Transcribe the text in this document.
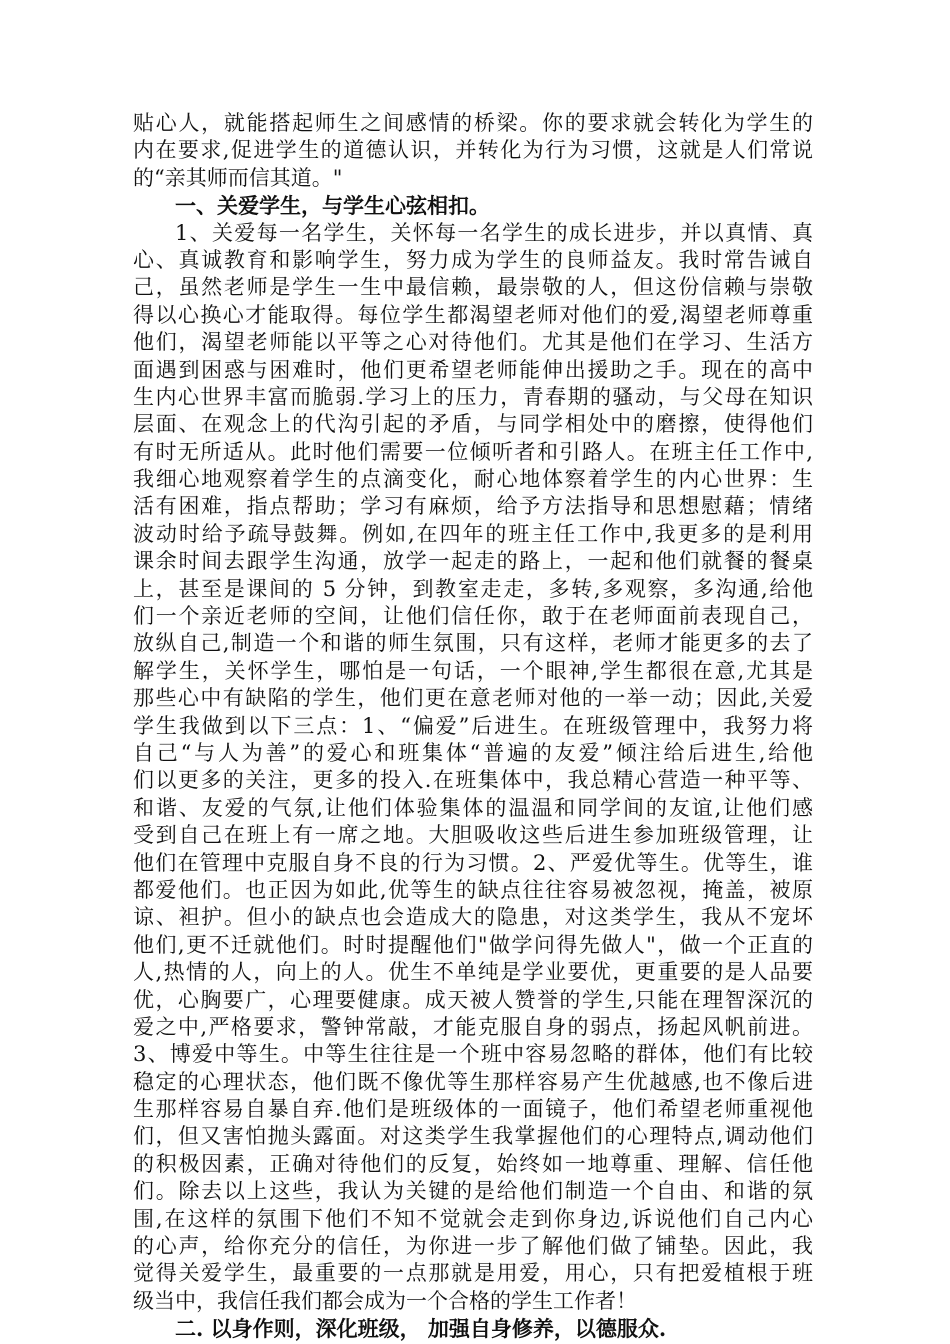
贴心人，就能搭起师生之间感情的桥梁。你的要求就会转化为学生的
内在要求,促进学生的道德认识，并转化为行为习惯，这就是人们常说
的“亲其师而信其道。"
一、关爱学生，与学生心弦相扣。
1、关爱每一名学生，关怀每一名学生的成长进步，并以真情、真
心、真诚教育和影响学生，努力成为学生的良师益友。我时常告诫自
己，虽然老师是学生一生中最信赖，最崇敬的人，但这份信赖与崇敬
得以心换心才能取得。每位学生都渴望老师对他们的爱,渴望老师尊重
他们，渴望老师能以平等之心对待他们。尤其是他们在学习、生活方
面遇到困惑与困难时，他们更希望老师能伸出援助之手。现在的高中
生内心世界丰富而脆弱.学习上的压力，青春期的骚动，与父母在知识
层面、在观念上的代沟引起的矛盾，与同学相处中的磨擦，使得他们
有时无所适从。此时他们需要一位倾听者和引路人。在班主任工作中,
我细心地观察着学生的点滴变化，耐心地体察着学生的内心世界：生
活有困难，指点帮助；学习有麻烦，给予方法指导和思想慰藉；情绪
波动时给予疏导鼓舞。例如,在四年的班主任工作中,我更多的是利用
课余时间去跟学生沟通，放学一起走的路上，一起和他们就餐的餐桌
上，甚至是课间的 5 分钟，到教室走走，多转,多观察，多沟通,给他
们一个亲近老师的空间，让他们信任你，敢于在老师面前表现自己，
放纵自己,制造一个和谐的师生氛围，只有这样，老师才能更多的去了
解学生，关怀学生，哪怕是一句话，一个眼神,学生都很在意,尤其是
那些心中有缺陷的学生，他们更在意老师对他的一举一动；因此,关爱
学生我做到以下三点：1、“偏爱”后进生。在班级管理中，我努力将
自己“与人为善”的爱心和班集体“普遍的友爱”倾注给后进生,给他
们以更多的关注，更多的投入.在班集体中，我总精心营造一种平等、
和谐、友爱的气氛,让他们体验集体的温温和同学间的友谊,让他们感
受到自己在班上有一席之地。大胆吸收这些后进生参加班级管理，让
他们在管理中克服自身不良的行为习惯。2、严爱优等生。优等生，谁
都爱他们。也正因为如此,优等生的缺点往往容易被忽视，掩盖，被原
谅、袒护。但小的缺点也会造成大的隐患，对这类学生，我从不宠坏
他们,更不迁就他们。时时提醒他们"做学问得先做人"，做一个正直的
人,热情的人，向上的人。优生不单纯是学业要优，更重要的是人品要
优，心胸要广，心理要健康。成天被人赞誉的学生,只能在理智深沉的
爱之中,严格要求，警钟常敲，才能克服自身的弱点，扬起风帆前进。
3、博爱中等生。中等生往往是一个班中容易忽略的群体，他们有比较
稳定的心理状态，他们既不像优等生那样容易产生优越感,也不像后进
生那样容易自暴自弃.他们是班级体的一面镜子，他们希望老师重视他
们，但又害怕抛头露面。对这类学生我掌握他们的心理特点,调动他们
的积极因素，正确对待他们的反复，始终如一地尊重、理解、信任他
们。除去以上这些，我认为关键的是给他们制造一个自由、和谐的氛
围,在这样的氛围下他们不知不觉就会走到你身边,诉说他们自己内心
的心声，给你充分的信任，为你进一步了解他们做了铺垫。因此，我
觉得关爱学生，最重要的一点那就是用爱，用心，只有把爱植根于班
级当中，我信任我们都会成为一个合格的学生工作者！
二. 以身作则，深化班级， 加强自身修养，以德服众.
